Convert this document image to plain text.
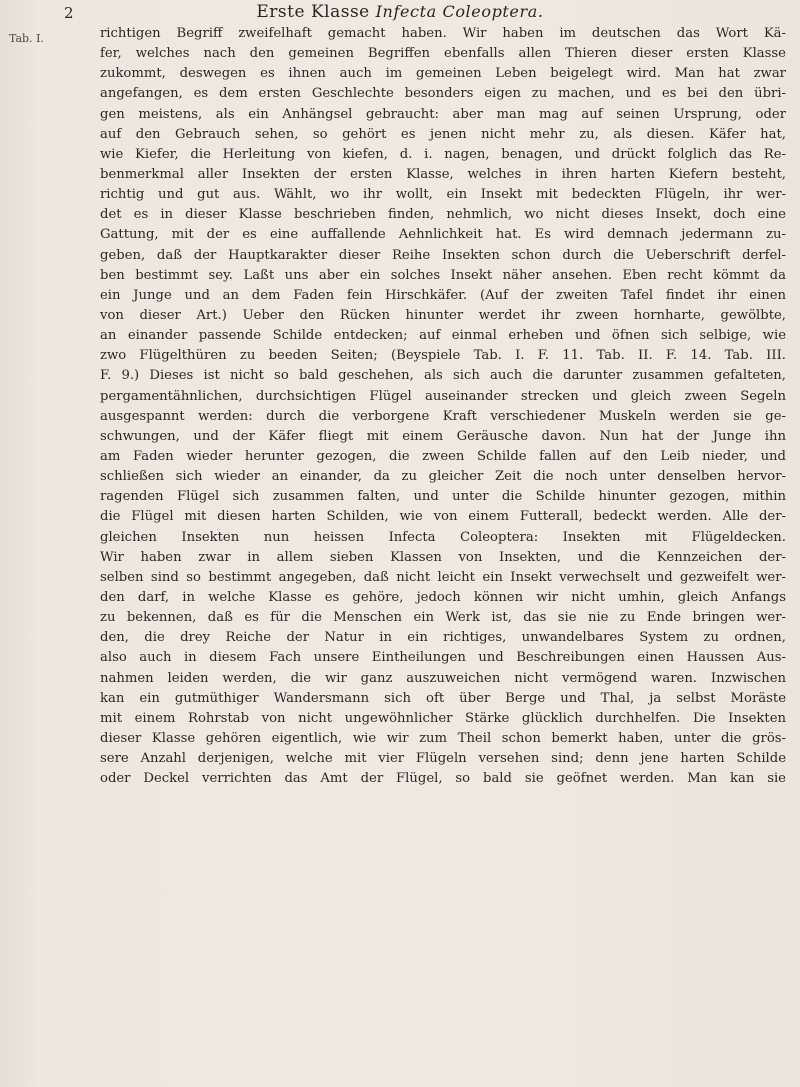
2	Erste Klasse Infecta Coleoptera.
Tab. I.	richtigen Begriff zweifelhaft gemacht haben. Wir haben im deutschen das Wort Kä-
fer, welches nach den gemeinen Begriffen ebenfalls allen Thieren dieser ersten Klasse
zukommt, deswegen es ihnen auch im gemeinen Leben beigelegt wird. Man hat zwar
angefangen, es dem ersten Geschlechte besonders eigen zu machen, und es bei den übri-
gen meistens, als ein Anhängsel gebraucht: aber man mag auf seinen Ursprung, oder
auf den Gebrauch sehen, so gehört es jenen nicht mehr zu, als diesen. Käfer hat,
wie Kiefer, die Herleitung von kiefen, d. i. nagen, benagen, und drückt folglich das Re-
benmerkmal aller Insekten der ersten Klasse, welches in ihren harten Kiefern besteht,
richtig und gut aus. Wählt, wo ihr wollt, ein Insekt mit bedeckten Flügeln, ihr wer-
det es in dieser Klasse beschrieben finden, nehmlich, wo nicht dieses Insekt, doch eine
Gattung, mit der es eine auffallende Aehnlichkeit hat. Es wird demnach jedermann zu-
geben, daß der Hauptkarakter dieser Reihe Insekten schon durch die Ueberschrift derfel-
ben bestimmt sey. Laßt uns aber ein solches Insekt näher ansehen. Eben recht kömmt da
ein Junge und an dem Faden fein Hirschkäfer. (Auf der zweiten Tafel findet ihr einen
von dieser Art.) Ueber den Rücken hinunter werdet ihr zween hornharte, gewölbte,
an einander passende Schilde entdecken; auf einmal erheben und öfnen sich selbige, wie
zwo Flügelthüren zu beeden Seiten; (Beyspiele Tab. I. F. 11. Tab. II. F. 14. Tab. III.
F. 9.) Dieses ist nicht so bald geschehen, als sich auch die darunter zusammen gefalteten,
pergamentähnlichen, durchsichtigen Flügel auseinander strecken und gleich zween Segeln
ausgespannt werden: durch die verborgene Kraft verschiedener Muskeln werden sie ge-
schwungen, und der Käfer fliegt mit einem Geräusche davon. Nun hat der Junge ihn
am Faden wieder herunter gezogen, die zween Schilde fallen auf den Leib nieder, und
schließen sich wieder an einander, da zu gleicher Zeit die noch unter denselben hervor-
ragenden Flügel sich zusammen falten, und unter die Schilde hinunter gezogen, mithin
die Flügel mit diesen harten Schilden, wie von einem Futterall, bedeckt werden. Alle der-
gleichen Insekten nun heissen Infecta Coleoptera: Insekten mit Flügeldecken.
Wir haben zwar in allem sieben Klassen von Insekten, und die Kennzeichen der-
selben sind so bestimmt angegeben, daß nicht leicht ein Insekt verwechselt und gezweifelt wer-
den darf, in welche Klasse es gehöre, jedoch können wir nicht umhin, gleich Anfangs
zu bekennen, daß es für die Menschen ein Werk ist, das sie nie zu Ende bringen wer-
den, die drey Reiche der Natur in ein richtiges, unwandelbares System zu ordnen,
also auch in diesem Fach unsere Eintheilungen und Beschreibungen einen Haussen Aus-
nahmen leiden werden, die wir ganz auszuweichen nicht vermögend waren. Inzwischen
kan ein gutmüthiger Wandersmann sich oft über Berge und Thal, ja selbst Moräste
mit einem Rohrstab von nicht ungewöhnlicher Stärke glücklich durchhelfen. Die Insekten
dieser Klasse gehören eigentlich, wie wir zum Theil schon bemerkt haben, unter die grös-
sere Anzahl derjenigen, welche mit vier Flügeln versehen sind; denn jene harten Schilde
oder Deckel verrichten das Amt der Flügel, so bald sie geöfnet werden. Man kan sie
